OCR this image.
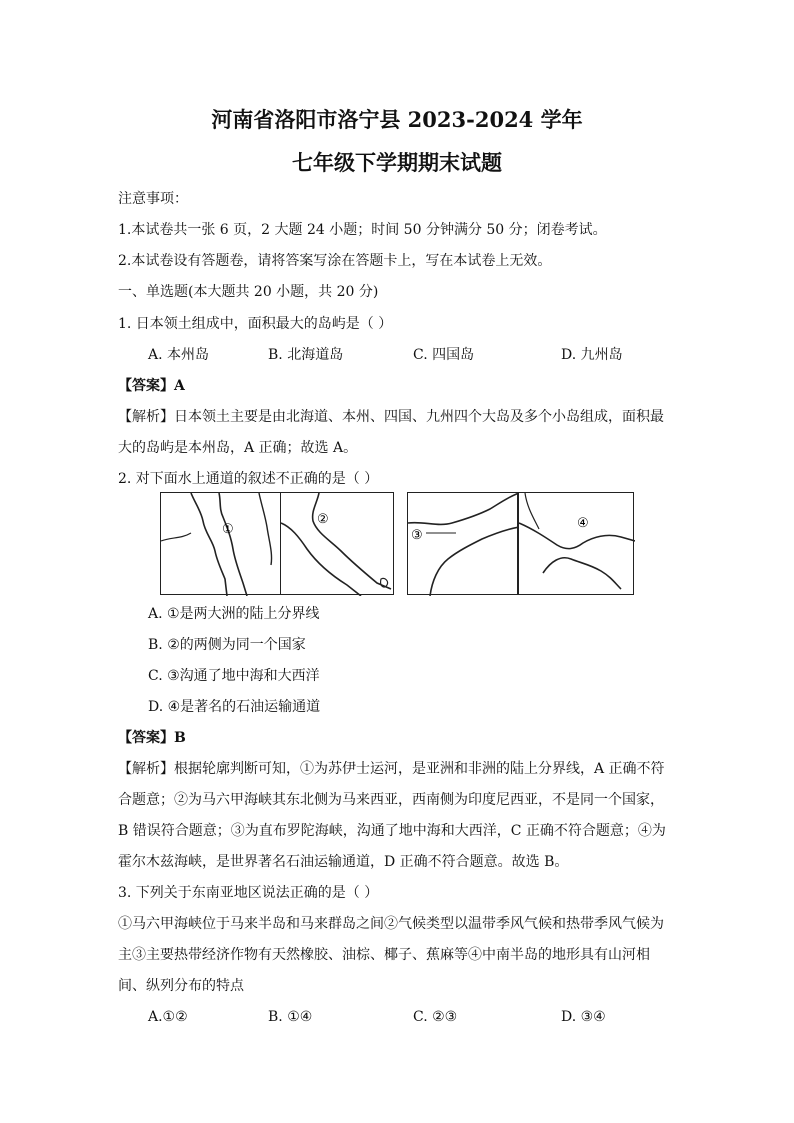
河南省洛阳市洛宁县 2023-2024 学年
七年级下学期期末试题
注意事项：
1.本试卷共一张 6 页，2 大题 24 小题；时间 50 分钟满分 50 分；闭卷考试。
2.本试卷设有答题卷，请将答案写涂在答题卡上，写在本试卷上无效。
一、单选题(本大题共 20 小题，共 20 分)
1. 日本领土组成中，面积最大的岛屿是（ ）
A. 本州岛	B. 北海道岛	C. 四国岛	D. 九州岛
【答案】A
【解析】日本领土主要是由北海道、本州、四国、九州四个大岛及多个小岛组成，面积最
大的岛屿是本州岛，A 正确；故选 A。
2. 对下面水上通道的叙述不正确的是（ ）
①
②
③
④
A. ①是两大洲的陆上分界线
B. ②的两侧为同一个国家
C. ③沟通了地中海和大西洋
D. ④是著名的石油运输通道
【答案】B
【解析】根据轮廓判断可知，①为苏伊士运河，是亚洲和非洲的陆上分界线，A 正确不符
合题意；②为马六甲海峡其东北侧为马来西亚，西南侧为印度尼西亚，不是同一个国家，
B 错误符合题意；③为直布罗陀海峡，沟通了地中海和大西洋，C 正确不符合题意；④为
霍尔木兹海峡，是世界著名石油运输通道，D 正确不符合题意。故选 B。
3. 下列关于东南亚地区说法正确的是（ ）
①马六甲海峡位于马来半岛和马来群岛之间②气候类型以温带季风气候和热带季风气候为
主③主要热带经济作物有天然橡胶、油棕、椰子、蕉麻等④中南半岛的地形具有山河相
间、纵列分布的特点
A.①②	B. ①④	C. ②③	D. ③④
